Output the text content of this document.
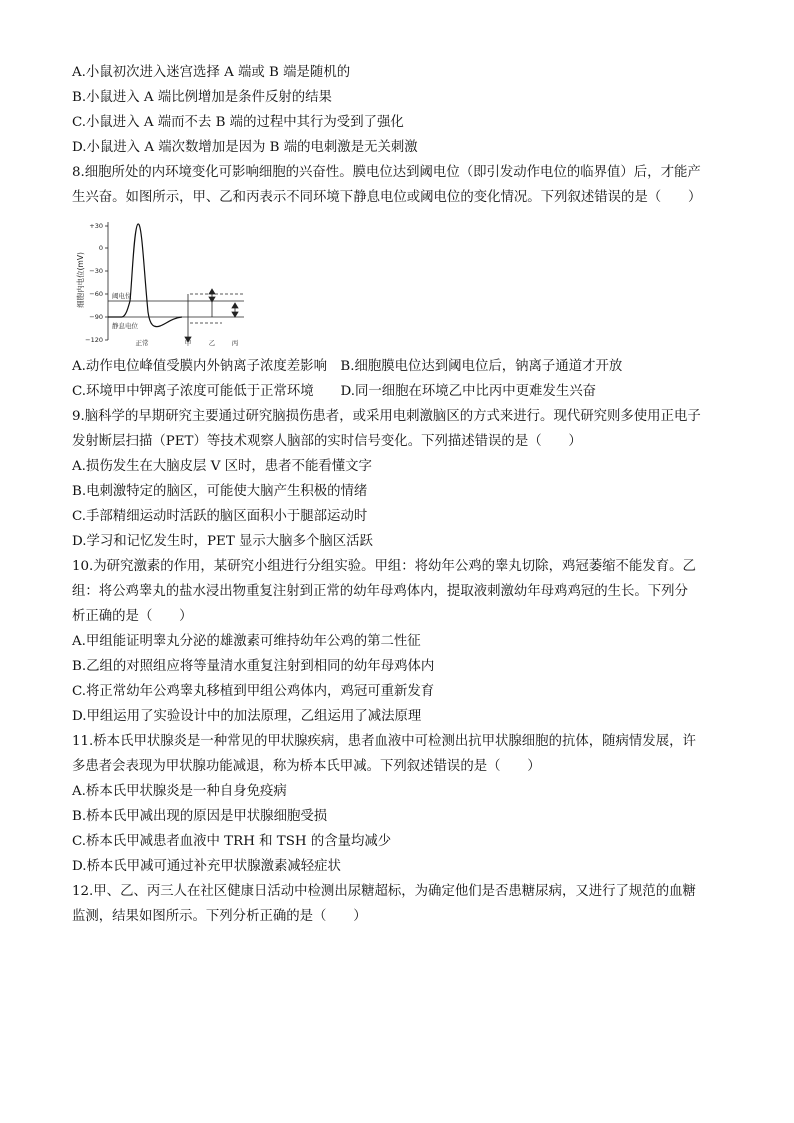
A.小鼠初次进入迷宫选择 A 端或 B 端是随机的
B.小鼠进入 A 端比例增加是条件反射的结果
C.小鼠进入 A 端而不去 B 端的过程中其行为受到了强化
D.小鼠进入 A 端次数增加是因为 B 端的电刺激是无关刺激
8.细胞所处的内环境变化可影响细胞的兴奋性。膜电位达到阈电位（即引发动作电位的临界值）后，才能产
生兴奋。如图所示，甲、乙和丙表示不同环境下静息电位或阈电位的变化情况。下列叙述错误的是（　　）
细胞内电位(mV)
+30
0
−30
−60
−90
−120
阈电位
静息电位
正常	甲	乙	丙
A.动作电位峰值受膜内外钠离子浓度差影响　B.细胞膜电位达到阈电位后，钠离子通道才开放
C.环境甲中钾离子浓度可能低于正常环境　　D.同一细胞在环境乙中比丙中更难发生兴奋
9.脑科学的早期研究主要通过研究脑损伤患者，或采用电刺激脑区的方式来进行。现代研究则多使用正电子
发射断层扫描（PET）等技术观察人脑部的实时信号变化。下列描述错误的是（　　）
A.损伤发生在大脑皮层 V 区时，患者不能看懂文字
B.电刺激特定的脑区，可能使大脑产生积极的情绪
C.手部精细运动时活跃的脑区面积小于腿部运动时
D.学习和记忆发生时，PET 显示大脑多个脑区活跃
10.为研究激素的作用，某研究小组进行分组实验。甲组：将幼年公鸡的睾丸切除，鸡冠萎缩不能发育。乙
组：将公鸡睾丸的盐水浸出物重复注射到正常的幼年母鸡体内，提取液刺激幼年母鸡鸡冠的生长。下列分
析正确的是（　　）
A.甲组能证明睾丸分泌的雄激素可维持幼年公鸡的第二性征
B.乙组的对照组应将等量清水重复注射到相同的幼年母鸡体内
C.将正常幼年公鸡睾丸移植到甲组公鸡体内，鸡冠可重新发育
D.甲组运用了实验设计中的加法原理，乙组运用了减法原理
11.桥本氏甲状腺炎是一种常见的甲状腺疾病，患者血液中可检测出抗甲状腺细胞的抗体，随病情发展，许
多患者会表现为甲状腺功能减退，称为桥本氏甲减。下列叙述错误的是（　　）
A.桥本氏甲状腺炎是一种自身免疫病
B.桥本氏甲减出现的原因是甲状腺细胞受损
C.桥本氏甲减患者血液中 TRH 和 TSH 的含量均减少
D.桥本氏甲减可通过补充甲状腺激素减轻症状
12.甲、乙、丙三人在社区健康日活动中检测出尿糖超标，为确定他们是否患糖尿病，又进行了规范的血糖
监测，结果如图所示。下列分析正确的是（　　）
